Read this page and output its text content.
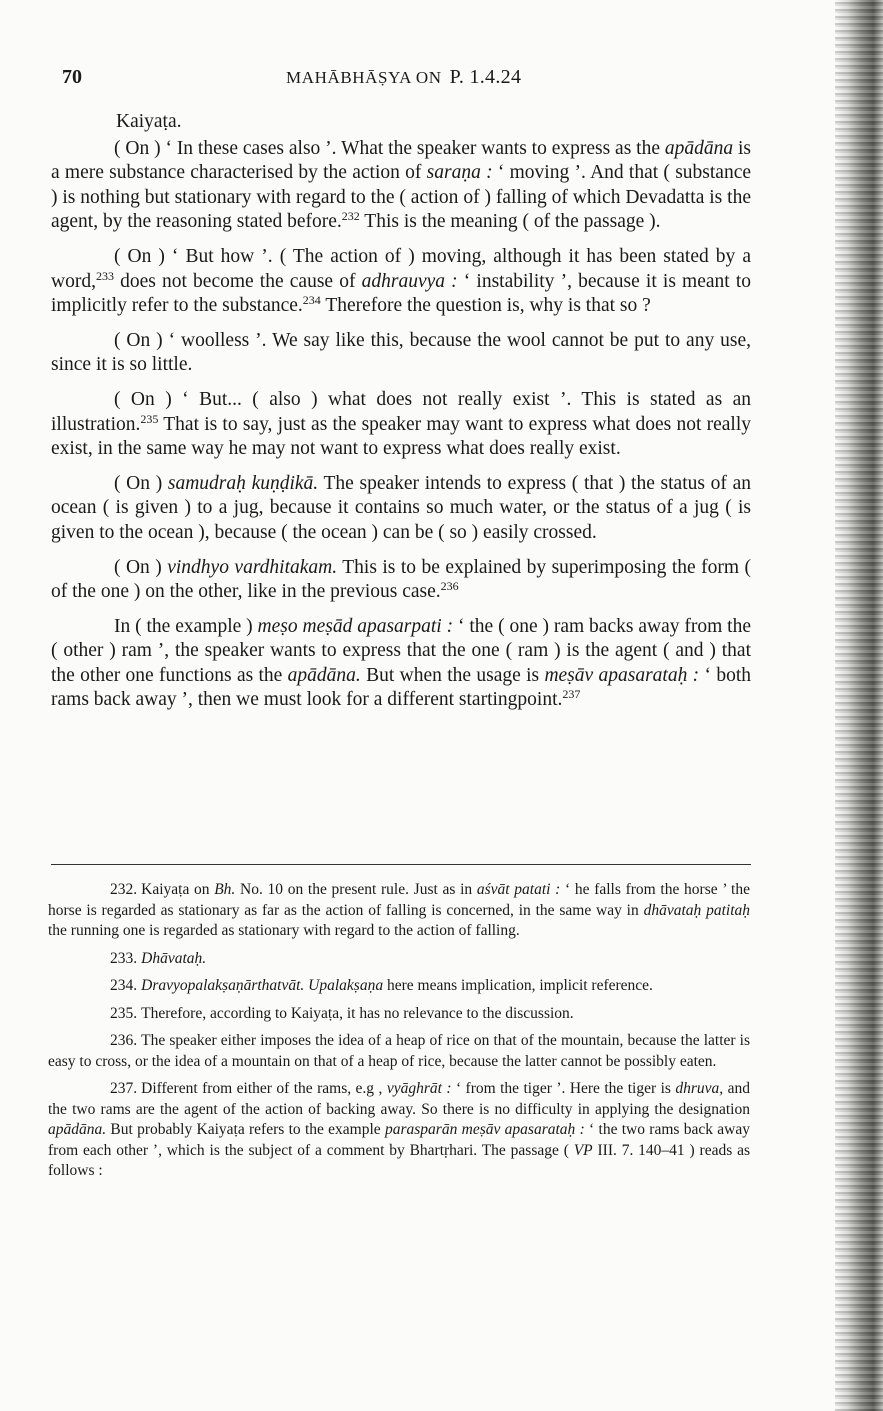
70	MAHĀBHĀṢYA ON P. 1.4.24

Kaiyaṭa.

( On ) ‘ In these cases also ’. What the speaker wants to express as the apādāna is a mere substance characterised by the action of saraṇa : ‘ moving ’. And that ( substance ) is nothing but stationary with regard to the ( action of ) falling of which Devadatta is the agent, by the reasoning stated before.$^{232}$ This is the meaning ( of the passage ).

( On ) ‘ But how ’. ( The action of ) moving, although it has been stated by a word,$^{233}$ does not become the cause of adhrauvya : ‘ instability ’, because it is meant to implicitly refer to the substance.$^{234}$ Therefore the question is, why is that so ?

( On ) ‘ woolless ’. We say like this, because the wool cannot be put to any use, since it is so little.

( On ) ‘ But... ( also ) what does not really exist ’. This is stated as an illustration.$^{235}$ That is to say, just as the speaker may want to express what does not really exist, in the same way he may not want to express what does really exist.

( On ) samudraḥ kuṇḍikā. The speaker intends to express ( that ) the status of an ocean ( is given ) to a jug, because it contains so much water, or the status of a jug ( is given to the ocean ), because ( the ocean ) can be ( so ) easily crossed.

( On ) vindhyo vardhitakam. This is to be explained by superimposing the form ( of the one ) on the other, like in the previous case.$^{236}$

In ( the example ) meṣo meṣād apasarpati : ‘ the ( one ) ram backs away from the ( other ) ram ’, the speaker wants to express that the one ( ram ) is the agent ( and ) that the other one functions as the apādāna. But when the usage is meṣāv apasarataḥ : ‘ both rams back away ’, then we must look for a different startingpoint.$^{237}$

232. Kaiyaṭa on Bh. No. 10 on the present rule. Just as in aśvāt patati : ‘ he falls from the horse ’ the horse is regarded as stationary as far as the action of falling is concerned, in the same way in dhāvataḥ patitaḥ the running one is regarded as stationary with regard to the action of falling.

233. Dhāvataḥ.

234. Dravyopalakṣaṇārthatvāt. Upalakṣaṇa here means implication, implicit reference.

235. Therefore, according to Kaiyaṭa, it has no relevance to the discussion.

236. The speaker either imposes the idea of a heap of rice on that of the mountain, because the latter is easy to cross, or the idea of a mountain on that of a heap of rice, because the latter cannot be possibly eaten.

237. Different from either of the rams, e.g , vyāghrāt : ‘ from the tiger ’. Here the tiger is dhruva, and the two rams are the agent of the action of backing away. So there is no difficulty in applying the designation apādāna. But probably Kaiyaṭa refers to the example parasparān meṣāv apasarataḥ : ‘ the two rams back away from each other ’, which is the subject of a comment by Bhartṛhari. The passage ( VP III. 7. 140–41 ) reads as follows :
